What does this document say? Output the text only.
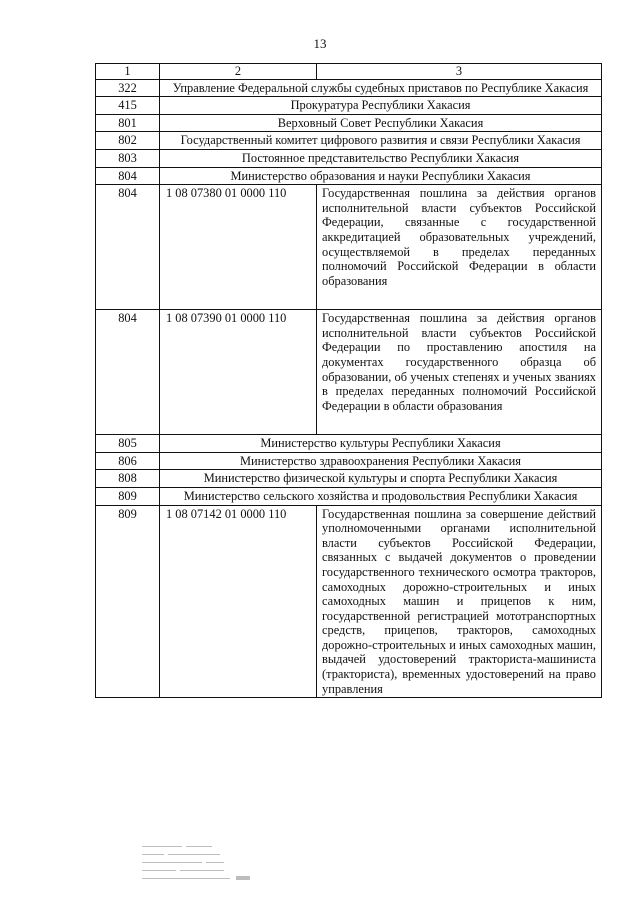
13
1	2	3
322	Управление Федеральной службы судебных приставов по Республике Хакасия	
415	Прокуратура Республики Хакасия	
801	Верховный Совет Республики Хакасия	
802	Государственный комитет цифрового развития и связи Республики Хакасия	
803	Постоянное представительство Республики Хакасия	
804	Министерство образования и науки Республики Хакасия	
804	1 08 07380 01 0000 110	Государственная пошлина за действия органов исполнительной власти субъектов Российской Федерации, связанные с государственной аккредитацией образовательных учреждений, осуществляемой в пределах переданных полномочий Российской Федерации в области образования
804	1 08 07390 01 0000 110	Государственная пошлина за действия органов исполнительной власти субъектов Российской Федерации по проставлению апостиля на документах государственного образца об образовании, об ученых степенях и ученых званиях в пределах переданных полномочий Российской Федерации в области образования
805	Министерство культуры Республики Хакасия	
806	Министерство здравоохранения Республики Хакасия	
808	Министерство физической культуры и спорта Республики Хакасия	
809	Министерство сельского хозяйства и продовольствия Республики Хакасия	
809	1 08 07142 01 0000 110	Государственная пошлина за совершение действий уполномоченными органами исполнительной власти субъектов Российской Федерации, связанных с выдачей документов о проведении государственного технического осмотра тракторов, самоходных дорожно-строительных и иных самоходных машин и прицепов к ним, государственной регистрацией мототранспортных средств, прицепов, тракторов, самоходных дорожно-строительных и иных самоходных машин, выдачей удостоверений тракториста-машиниста (тракториста), временных удостоверений на право управления
